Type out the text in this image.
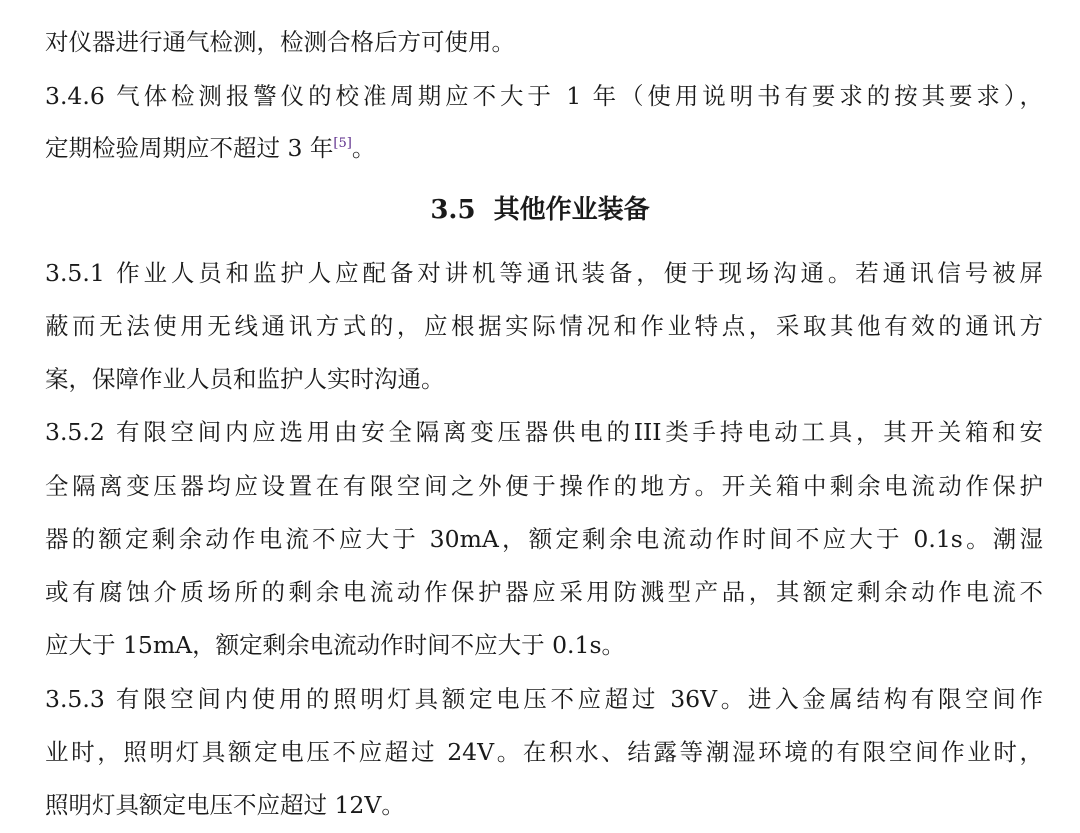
对仪器进行通气检测，检测合格后方可使用。
3.4.6 气体检测报警仪的校准周期应不大于 1 年（使用说明书有要求的按其要求），
定期检验周期应不超过 3 年[5]。
3.5 其他作业装备
3.5.1 作业人员和监护人应配备对讲机等通讯装备，便于现场沟通。若通讯信号被屏
蔽而无法使用无线通讯方式的，应根据实际情况和作业特点，采取其他有效的通讯方
案，保障作业人员和监护人实时沟通。
3.5.2 有限空间内应选用由安全隔离变压器供电的III类手持电动工具，其开关箱和安
全隔离变压器均应设置在有限空间之外便于操作的地方。开关箱中剩余电流动作保护
器的额定剩余动作电流不应大于 30mA，额定剩余电流动作时间不应大于 0.1s。潮湿
或有腐蚀介质场所的剩余电流动作保护器应采用防溅型产品，其额定剩余动作电流不
应大于 15mA，额定剩余电流动作时间不应大于 0.1s。
3.5.3 有限空间内使用的照明灯具额定电压不应超过 36V。进入金属结构有限空间作
业时，照明灯具额定电压不应超过 24V。在积水、结露等潮湿环境的有限空间作业时，
照明灯具额定电压不应超过 12V。
